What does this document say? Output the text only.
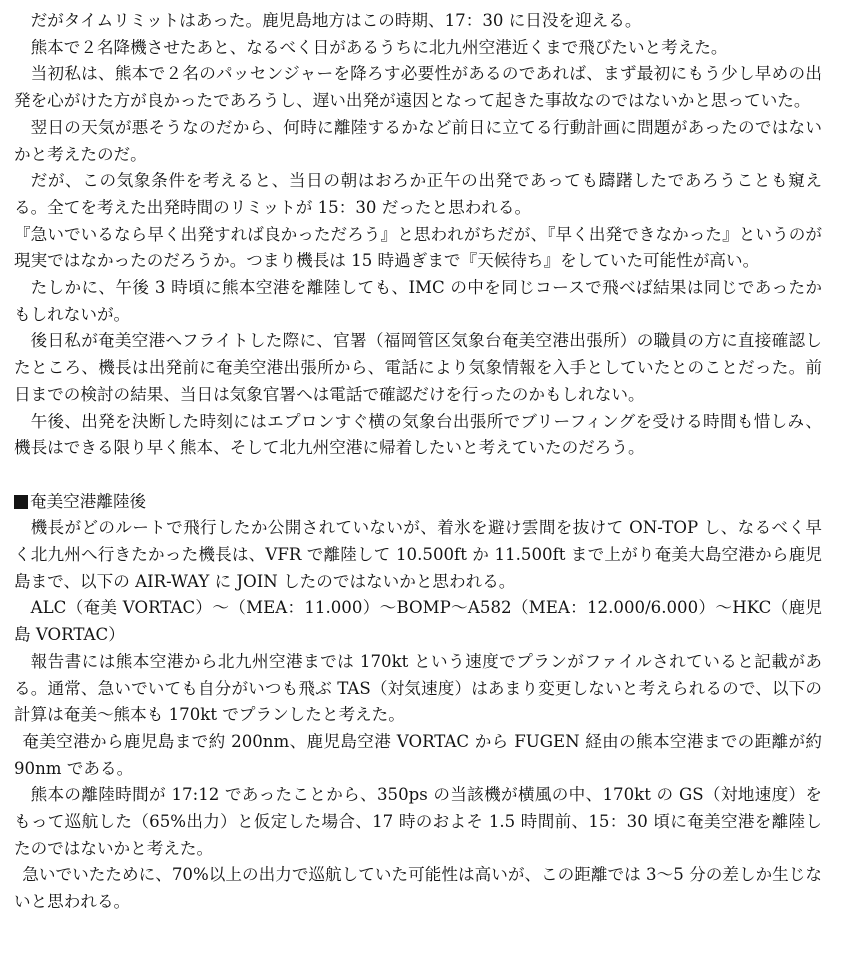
だがタイムリミットはあった。鹿児島地方はこの時期、17：30 に日没を迎える。

熊本で２名降機させたあと、なるべく日があるうちに北九州空港近くまで飛びたいと考えた。

当初私は、熊本で２名のパッセンジャーを降ろす必要性があるのであれば、まず最初にもう少し早めの出発を心がけた方が良かったであろうし、遅い出発が遠因となって起きた事故なのではないかと思っていた。

翌日の天気が悪そうなのだから、何時に離陸するかなど前日に立てる行動計画に問題があったのではないかと考えたのだ。

だが、この気象条件を考えると、当日の朝はおろか正午の出発であっても躊躇したであろうことも窺える。全てを考えた出発時間のリミットが 15：30 だったと思われる。

『急いでいるなら早く出発すれば良かっただろう』と思われがちだが、『早く出発できなかった』というのが現実ではなかったのだろうか。つまり機長は 15 時過ぎまで『天候待ち』をしていた可能性が高い。

たしかに、午後 3 時頃に熊本空港を離陸しても、IMC の中を同じコースで飛べば結果は同じであったかもしれないが。

後日私が奄美空港へフライトした際に、官署（福岡管区気象台奄美空港出張所）の職員の方に直接確認したところ、機長は出発前に奄美空港出張所から、電話により気象情報を入手としていたとのことだった。前日までの検討の結果、当日は気象官署へは電話で確認だけを行ったのかもしれない。

午後、出発を決断した時刻にはエプロンすぐ横の気象台出張所でブリーフィングを受ける時間も惜しみ、機長はできる限り早く熊本、そして北九州空港に帰着したいと考えていたのだろう。

奄美空港離陸後

機長がどのルートで飛行したか公開されていないが、着氷を避け雲間を抜けて ON-TOP し、なるべく早く北九州へ行きたかった機長は、VFR で離陸して 10.500ft か 11.500ft まで上がり奄美大島空港から鹿児島まで、以下の AIR-WAY に JOIN したのではないかと思われる。

ALC（奄美 VORTAC）～（MEA：11.000）～BOMP～A582（MEA：12.000/6.000）～HKC（鹿児島 VORTAC）

報告書には熊本空港から北九州空港までは 170kt という速度でプランがファイルされていると記載がある。通常、急いでいても自分がいつも飛ぶ TAS（対気速度）はあまり変更しないと考えられるので、以下の計算は奄美～熊本も 170kt でプランしたと考えた。

奄美空港から鹿児島まで約 200nm、鹿児島空港 VORTAC から FUGEN 経由の熊本空港までの距離が約 90nm である。

熊本の離陸時間が 17:12 であったことから、350ps の当該機が横風の中、170kt の GS（対地速度）をもって巡航した（65%出力）と仮定した場合、17 時のおよそ 1.5 時間前、15：30 頃に奄美空港を離陸したのではないかと考えた。

急いでいたために、70%以上の出力で巡航していた可能性は高いが、この距離では 3～5 分の差しか生じないと思われる。
